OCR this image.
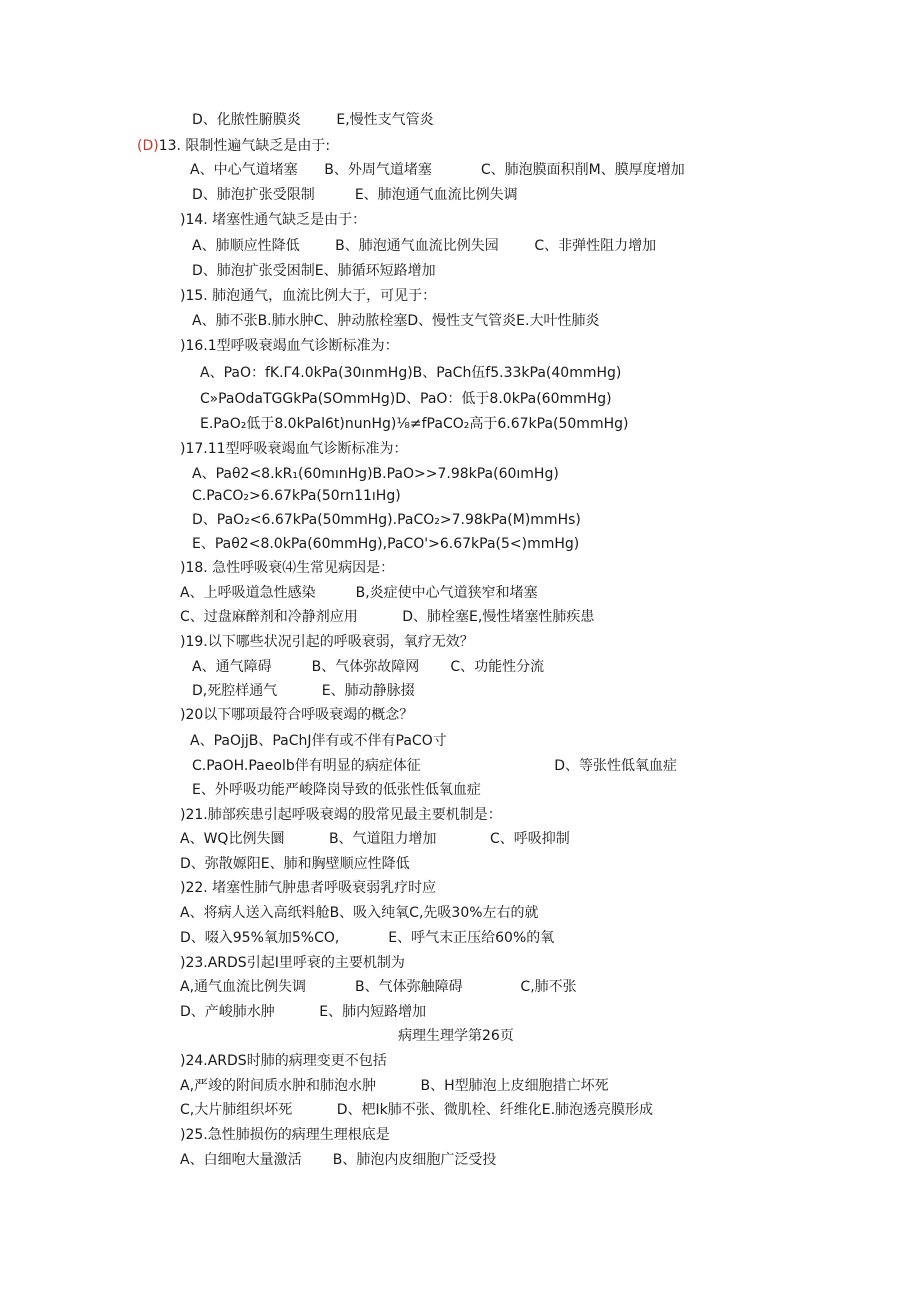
D、化脓性腑膜炎        E,慢性支气管炎
(D)13. 限制性遍气缺乏是由于:
A、中心气道堵塞      B、外周气道堵塞           C、肺泡膜面积削M、膜厚度增加
D、肺泡扩张受限制         E、肺泡通气血流比例失调
)14. 堵塞性通气缺乏是由于：
A、肺顺应性降低        B、肺泡通气血流比例失园        C、非弹性阻力增加
D、肺泡扩张受困制E、肺循环短路增加
)15. 肺泡通气，血流比例大于，可见于：
A、肺不张B.肺水肿C、肿动脓栓塞D、慢性支气管炎E.大叶性肺炎
)16.1型呼吸衰竭血气诊断标准为：
A、PaO：fK.Γ4.0kPa(30ınmHg)B、PaCh伍f5.33kPa(40mmHg)
C»PaOdaTGGkPa(SOmmHg)D、PaO：低于8.0kPa(60mmHg)
E.PaO₂低于8.0kPal6t)nunHg)⅛≠fPaCO₂高于6.67kPa(50mmHg)
)17.11型呼吸衰竭血气诊断标准为：
A、Paθ2<8.kR₁(60mınHg)B.PaO>>7.98kPa(60ımHg)
C.PaCO₂>6.67kPa(50rn11ıHg)
D、PaO₂<6.67kPa(50mmHg).PaCO₂>7.98kPa(M)mmHs)
E、Paθ2<8.0kPa(60mmHg),PaCO'>6.67kPa(5<)mmHg)
)18. 急性呼吸衰⑷生常见病因是：
A、上呼吸道急性感染         B,炎症使中心气道狭窄和堵塞
C、过盘麻醉剂和冷静剂应用          D、肺栓塞E,慢性堵塞性肺疾患
)19.以下哪些状况引起的呼吸衰弱，氧疗无效？
A、通气障碍         B、气体弥故障网       C、功能性分流
D,死腔样通气          E、肺动静脉掇
)20以下哪项最符合呼吸衰竭的概念？
A、PaOjjB、PaChJ伴有或不伴有PaCO寸
C.PaOH.Paeolb伴有明显的病症体征                              D、等张性低氧血症
E、外呼吸功能严峻降岗导致的低张性低氧血症
)21.肺部疾患引起呼吸衰竭的股常见最主要机制是：
A、WQ比例失圜          B、气道阻力增加            C、呼吸抑制
D、弥散嫄阳E、肺和胸壁顺应性降低
)22. 堵塞性肺气肿患者呼吸衰弱乳疗时应
A、将病人送入高纸料舱B、吸入纯氧C,先吸30%左右的就
D、啜入95%氧加5%CO,           E、呼气末正压给60%的氧
)23.ARDS引起I里呼衰的主要机制为
A,通气血流比例失调           B、气体弥触障碍             C,肺不张
D、产峻肺水肿          E、肺内短路增加
病理生理学第26页
)24.ARDS时肺的病理变更不包括
A,严竣的附间质水肿和肺泡水肿          B、H型肺泡上皮细胞措亡坏死
C,大片肺组织坏死          D、杷Ik肺不张、微肌栓、纤维化E.肺泡透亮膜形成
)25.急性肺损伤的病理生理根底是
A、白细咆大量激活       B、肺泡内皮细胞广泛受投
